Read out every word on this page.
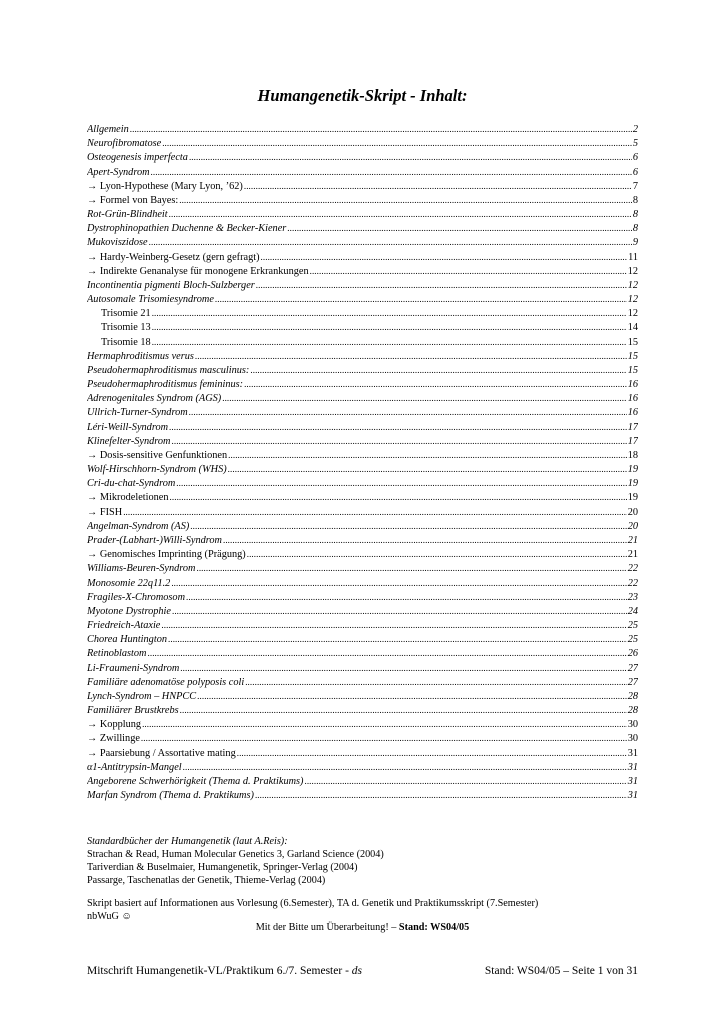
Humangenetik-Skript - Inhalt:
Allgemein .....	2
Neurofibromatose .....	5
Osteogenesis imperfecta .....	6
Apert-Syndrom .....	6
→ Lyon-Hypothese (Mary Lyon, ’62) .....	7
→ Formel von Bayes: .....	8
Rot-Grün-Blindheit .....	8
Dystrophinopathien Duchenne & Becker-Kiener .....	8
Mukoviszidose .....	9
→ Hardy-Weinberg-Gesetz (gern gefragt) .....	11
→ Indirekte Genanalyse für monogene Erkrankungen .....	12
Incontinentia pigmenti Bloch-Sulzberger .....	12
Autosomale Trisomiesyndrome .....	12
Trisomie 21 .....	12
Trisomie 13 .....	14
Trisomie 18 .....	15
Hermaphroditismus verus .....	15
Pseudohermaphroditismus masculinus: .....	15
Pseudohermaphroditismus femininus: .....	16
Adrenogenitales Syndrom (AGS) .....	16
Ullrich-Turner-Syndrom .....	16
Léri-Weill-Syndrom .....	17
Klinefelter-Syndrom .....	17
→ Dosis-sensitive Genfunktionen .....	18
Wolf-Hirschhorn-Syndrom (WHS) .....	19
Cri-du-chat-Syndrom .....	19
→ Mikrodeletionen .....	19
→ FISH .....	20
Angelman-Syndrom (AS) .....	20
Prader-(Labhart-)Willi-Syndrom .....	21
→ Genomisches Imprinting (Prägung) .....	21
Williams-Beuren-Syndrom .....	22
Monosomie 22q11.2 .....	22
Fragiles-X-Chromosom .....	23
Myotone Dystrophie .....	24
Friedreich-Ataxie .....	25
Chorea Huntington .....	25
Retinoblastom .....	26
Li-Fraumeni-Syndrom .....	27
Familiäre adenomatöse polyposis coli .....	27
Lynch-Syndrom – HNPCC .....	28
Familiärer Brustkrebs .....	28
→ Kopplung .....	30
→ Zwillinge .....	30
→ Paarsiebung / Assortative mating .....	31
α1-Antitrypsin-Mangel .....	31
Angeborene Schwerhörigkeit (Thema d. Praktikums) .....	31
Marfan Syndrom (Thema d. Praktikums) .....	31

Standardbücher der Humangenetik (laut A.Reis):

Strachan & Read, Human Molecular Genetics 3, Garland Science (2004)

Tariverdian & Buselmaier, Humangenetik, Springer-Verlag (2004)

Passarge, Taschenatlas der Genetik, Thieme-Verlag (2004)

Skript basiert auf Informationen aus Vorlesung (6.Semester), TA d. Genetik und Praktikumsskript (7.Semester)

nbWuG ☺

Mit der Bitte um Überarbeitung! – Stand: WS04/05
Mitschrift Humangenetik-VL/Praktikum 6./7. Semester - ds	Stand: WS04/05 – Seite 1 von 31
